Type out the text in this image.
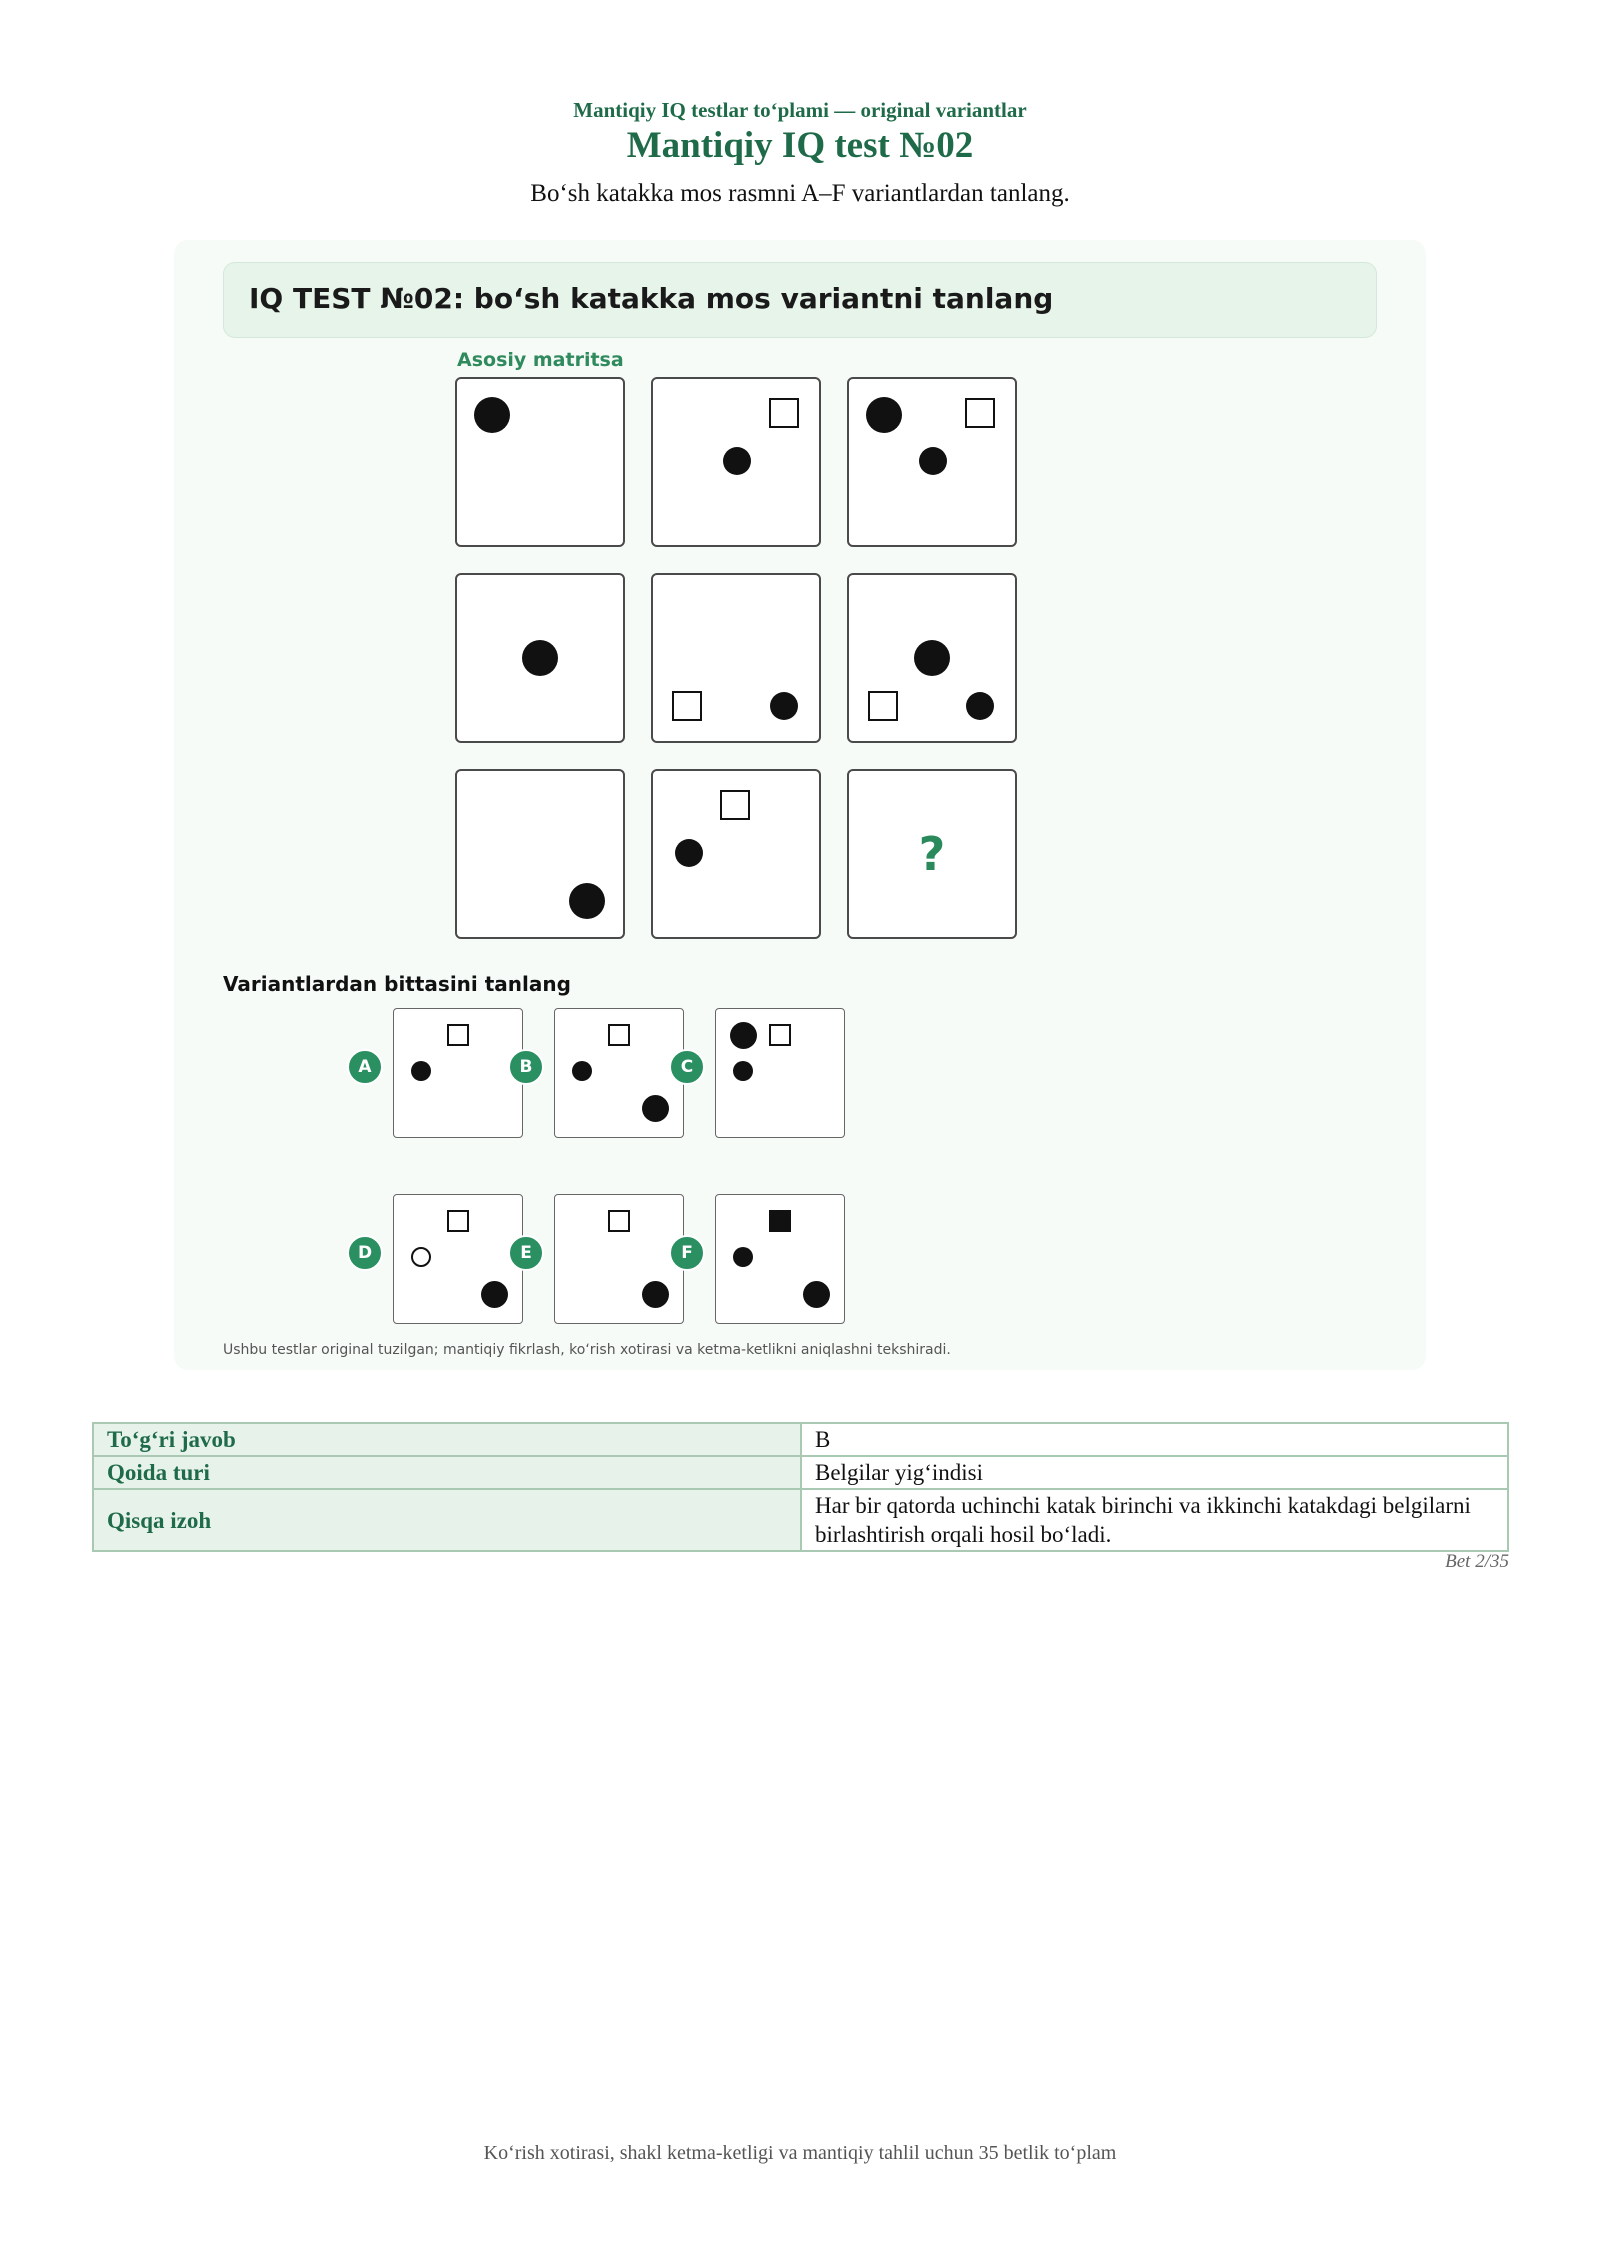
Mantiqiy IQ testlar to‘plami — original variantlar
Mantiqiy IQ test №02
Bo‘sh katakka mos rasmni A–F variantlardan tanlang.
IQ TEST №02: bo‘sh katakka mos variantni tanlang
Asosiy matritsa
?
Variantlardan bittasini tanlang
A	B	C
D	E	F
Ushbu testlar original tuzilgan; mantiqiy fikrlash, ko‘rish xotirasi va ketma-ketlikni aniqlashni tekshiradi.
To‘g‘ri javob	B
Qoida turi	Belgilar yig‘indisi
Qisqa izoh	Har bir qatorda uchinchi katak birinchi va ikkinchi katakdagi belgilarni birlashtirish orqali hosil bo‘ladi.
Bet 2/35
Ko‘rish xotirasi, shakl ketma-ketligi va mantiqiy tahlil uchun 35 betlik to‘plam
